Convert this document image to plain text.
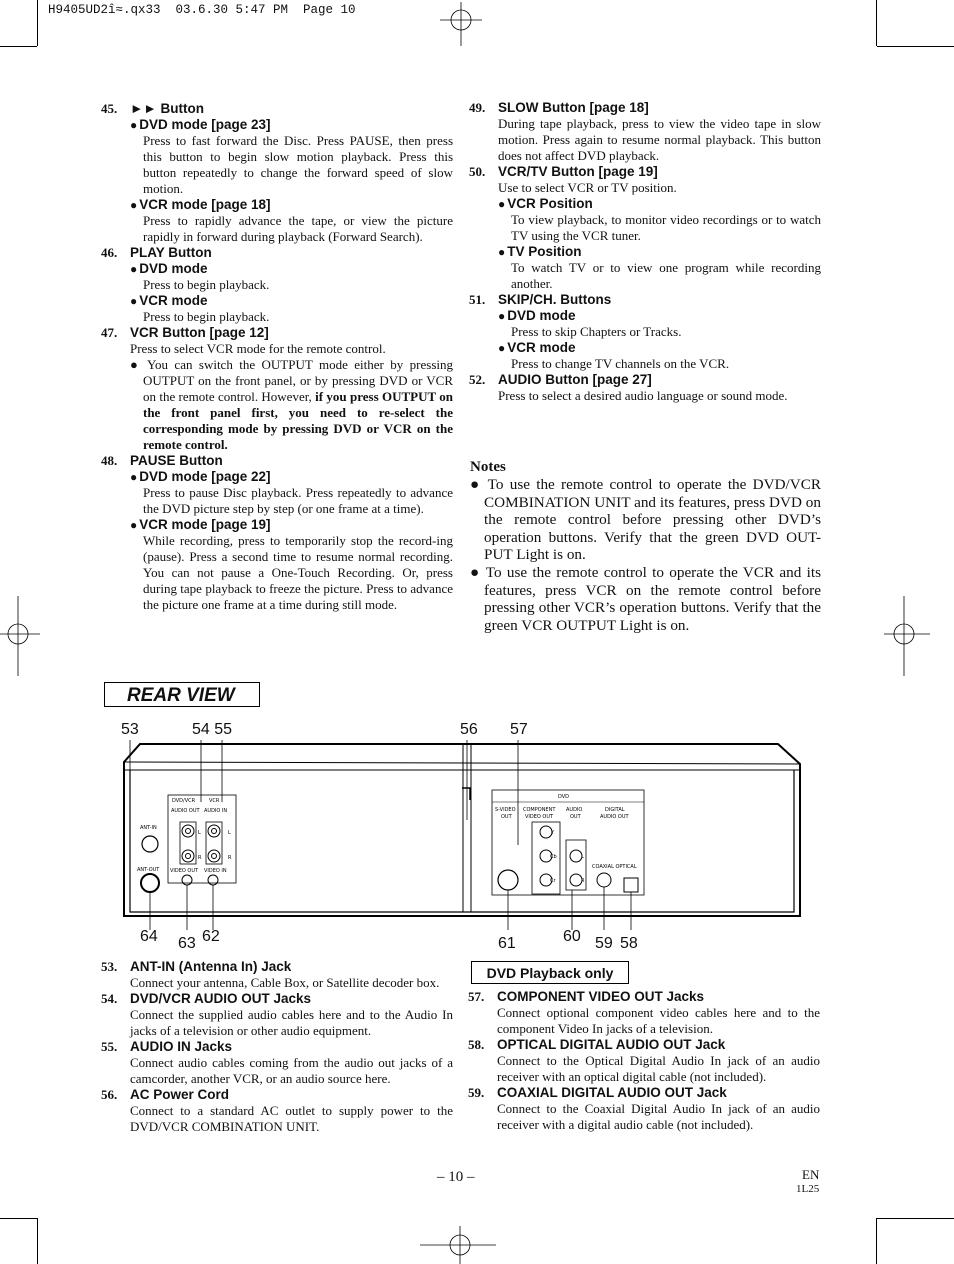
H9405UD2î≈.qx33  03.6.30 5:47 PM  Page 10
45. ►► Button
● DVD mode [page 23]
Press to fast forward the Disc. Press PAUSE, then press this button to begin slow motion playback. Press this button repeatedly to change the forward speed of slow motion.
● VCR mode [page 18]
Press to rapidly advance the tape, or view the picture rapidly in forward during playback (Forward Search).
46. PLAY Button
● DVD mode
Press to begin playback.
● VCR mode
Press to begin playback.
47. VCR Button [page 12]
Press to select VCR mode for the remote control.
● You can switch the OUTPUT mode either by pressing OUTPUT on the front panel, or by pressing DVD or VCR on the remote control. However, if you press OUTPUT on the front panel first, you need to re-select the corresponding mode by pressing DVD or VCR on the remote control.
48. PAUSE Button
● DVD mode [page 22]
Press to pause Disc playback. Press repeatedly to advance the DVD picture step by step (or one frame at a time).
● VCR mode [page 19]
While recording, press to temporarily stop the record-ing (pause). Press a second time to resume normal recording. You can not pause a One-Touch Recording. Or, press during tape playback to freeze the picture. Press to advance the picture one frame at a time during still mode.
49. SLOW Button [page 18]
During tape playback, press to view the video tape in slow motion. Press again to resume normal playback. This button does not affect DVD playback.
50. VCR/TV Button [page 19]
Use to select VCR or TV position.
● VCR Position
To view playback, to monitor video recordings or to watch TV using the VCR tuner.
● TV Position
To watch TV or to view one program while recording another.
51. SKIP/CH. Buttons
● DVD mode
Press to skip Chapters or Tracks.
● VCR mode
Press to change TV channels on the VCR.
52. AUDIO Button [page 27]
Press to select a desired audio language or sound mode.
Notes
● To use the remote control to operate the DVD/VCR COMBINATION UNIT and its features, press DVD on the remote control before pressing other DVD’s operation buttons. Verify that the green DVD OUT-PUT Light is on.
● To use the remote control to operate the VCR and its features, press VCR on the remote control before pressing other VCR’s operation buttons. Verify that the green VCR OUTPUT Light is on.
REAR VIEW
53	54 55	56 57
DVD/VCR	VCR
AUDIO OUT AUDIO IN
ANT-IN
ANT-OUT VIDEO OUT VIDEO IN
L
R
L
R
DVD
S-VIDEO
OUT
COMPONENT
VIDEO OUT
AUDIO
OUT
DIGITAL
AUDIO OUT
Y
Cb
Cr
L
R
COAXIAL OPTICAL
64 63 62	61	60 59 58
53. ANT-IN (Antenna In) Jack
Connect your antenna, Cable Box, or Satellite decoder box.
54. DVD/VCR AUDIO OUT Jacks
Connect the supplied audio cables here and to the Audio In jacks of a television or other audio equipment.
55. AUDIO IN Jacks
Connect audio cables coming from the audio out jacks of a camcorder, another VCR, or an audio source here.
56. AC Power Cord
Connect to a standard AC outlet to supply power to the DVD/VCR COMBINATION UNIT.
DVD Playback only
57. COMPONENT VIDEO OUT Jacks
Connect optional component video cables here and to the component Video In jacks of a television.
58. OPTICAL DIGITAL AUDIO OUT Jack
Connect to the Optical Digital Audio In jack of an audio receiver with an optical digital cable (not included).
59. COAXIAL DIGITAL AUDIO OUT Jack
Connect to the Coaxial Digital Audio In jack of an audio receiver with a digital audio cable (not included).
– 10 –	EN
1L25
